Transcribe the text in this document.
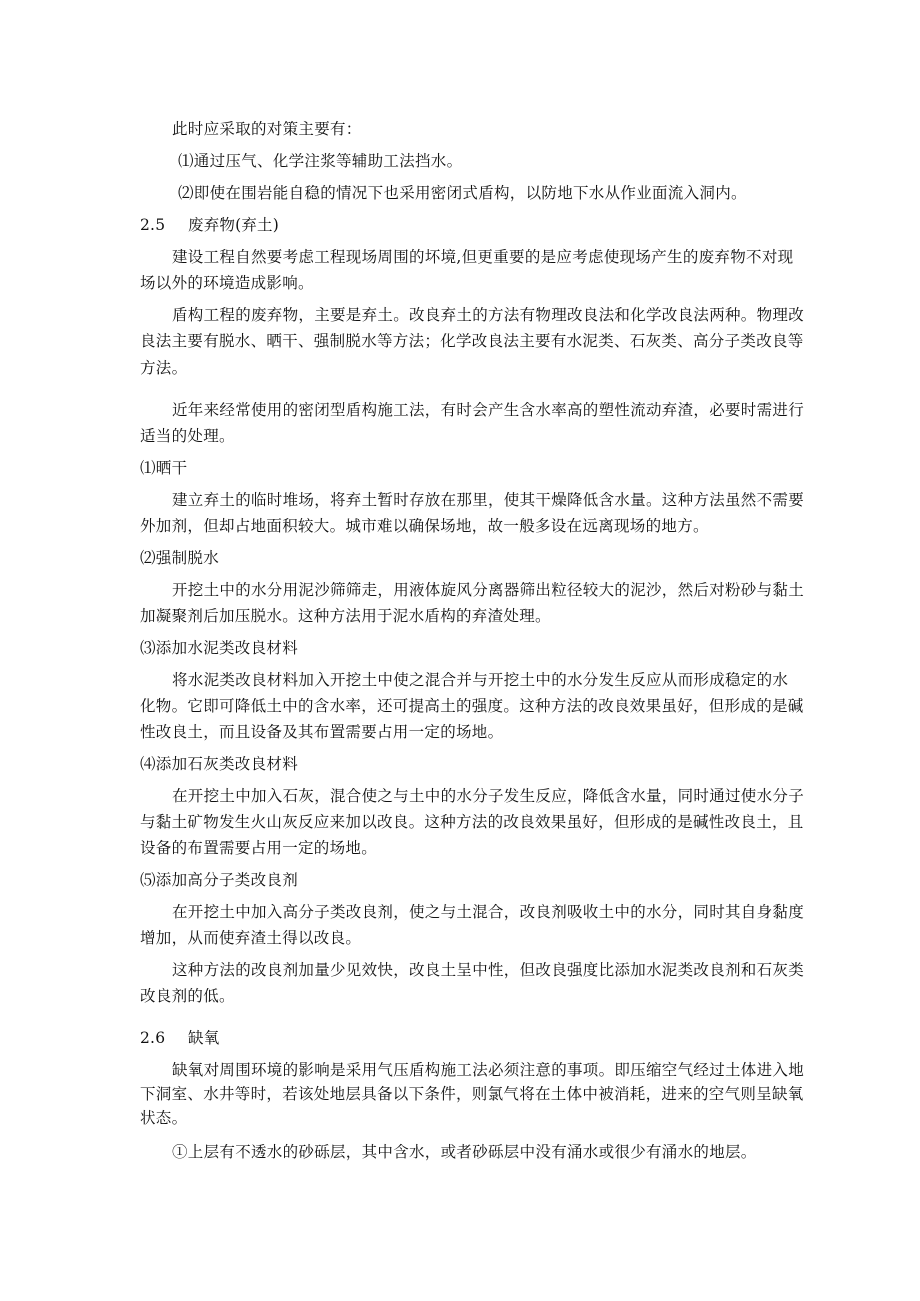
此时应采取的对策主要有：
⑴通过压气、化学注浆等辅助工法挡水。
⑵即使在围岩能自稳的情况下也采用密闭式盾构，以防地下水从作业面流入洞内。
2.5 废弃物(弃土)
建设工程自然要考虑工程现场周围的坏境,但更重要的是应考虑使现场产生的废弃物不对现
场以外的环境造成影响。
盾构工程的废弃物，主要是弃土。改良弃土的方法有物理改良法和化学改良法两种。物理改
良法主要有脱水、晒干、强制脱水等方法；化学改良法主要有水泥类、石灰类、高分子类改良等
方法。
近年来经常使用的密闭型盾构施工法，有时会产生含水率高的塑性流动弃渣，必要时需进行
适当的处理。
⑴晒干
建立弃土的临时堆场，将弃土暂时存放在那里，使其干燥降低含水量。这种方法虽然不需要
外加剂，但却占地面积较大。城市难以确保场地，故一般多设在远离现场的地方。
⑵强制脱水
开挖土中的水分用泥沙筛筛走，用液体旋风分离器筛出粒径较大的泥沙，然后对粉砂与黏土
加凝聚剂后加压脱水。这种方法用于泥水盾构的弃渣处理。
⑶添加水泥类改良材料
将水泥类改良材料加入开挖土中使之混合并与开挖土中的水分发生反应从而形成稳定的水
化物。它即可降低土中的含水率，还可提高土的强度。这种方法的改良效果虽好，但形成的是碱
性改良土，而且设备及其布置需要占用一定的场地。
⑷添加石灰类改良材料
在开挖土中加入石灰，混合使之与土中的水分子发生反应，降低含水量，同时通过使水分子
与黏土矿物发生火山灰反应来加以改良。这种方法的改良效果虽好，但形成的是碱性改良土，且
设备的布置需要占用一定的场地。
⑸添加高分子类改良剂
在开挖土中加入高分子类改良剂，使之与土混合，改良剂吸收土中的水分，同时其自身黏度
增加，从而使弃渣土得以改良。
这种方法的改良剂加量少见效快，改良土呈中性，但改良强度比添加水泥类改良剂和石灰类
改良剂的低。
2.6 缺氧
缺氧对周围环境的影响是采用气压盾构施工法必须注意的事项。即压缩空气经过土体进入地
下洞室、水井等时，若该处地层具备以下条件，则氯气将在土体中被消耗，进来的空气则呈缺氧
状态。
①上层有不透水的砂砾层，其中含水，或者砂砾层中没有涌水或很少有涌水的地层。
